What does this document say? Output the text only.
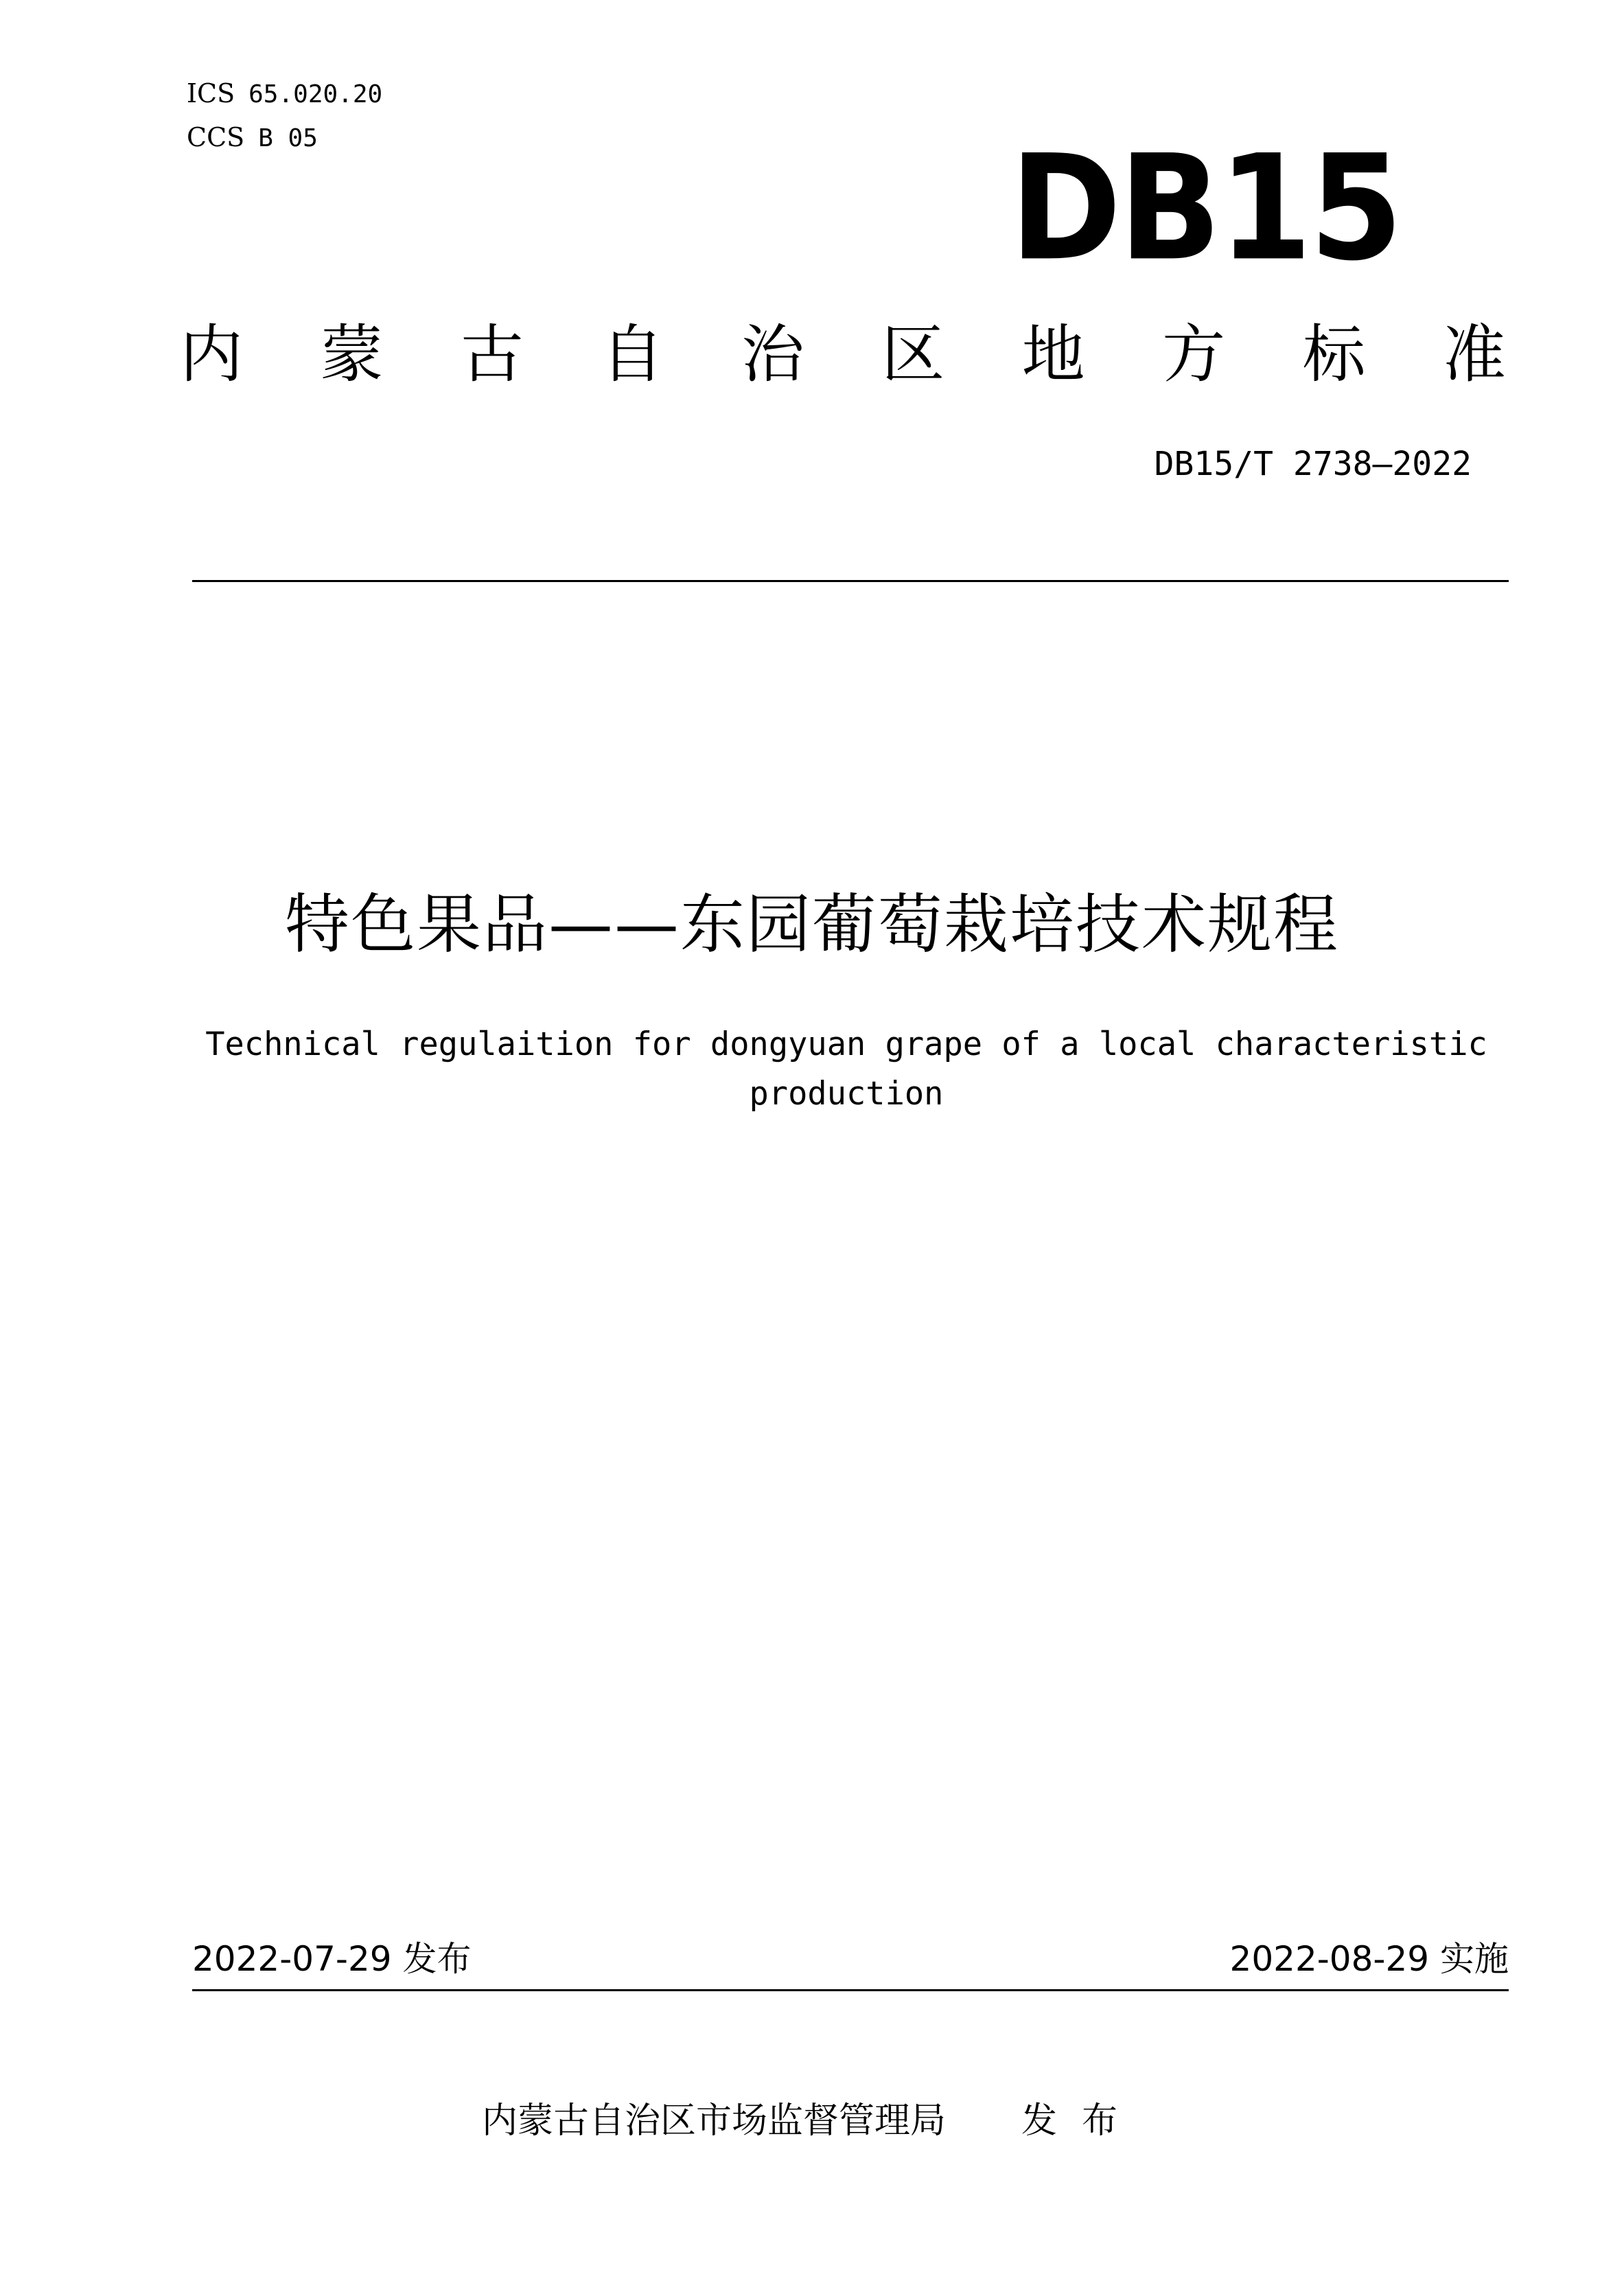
ICS 65.020.20
CCS B 05	DB15
内 蒙 古 自 治 区 地 方 标 准
DB15/T 2738—2022
特色果品——东园葡萄栽培技术规程
Technical regulaition for dongyuan grape of a local characteristic production
2022-07-29 发布	2022-08-29 实施
内蒙古自治区市场监督管理局 发布
